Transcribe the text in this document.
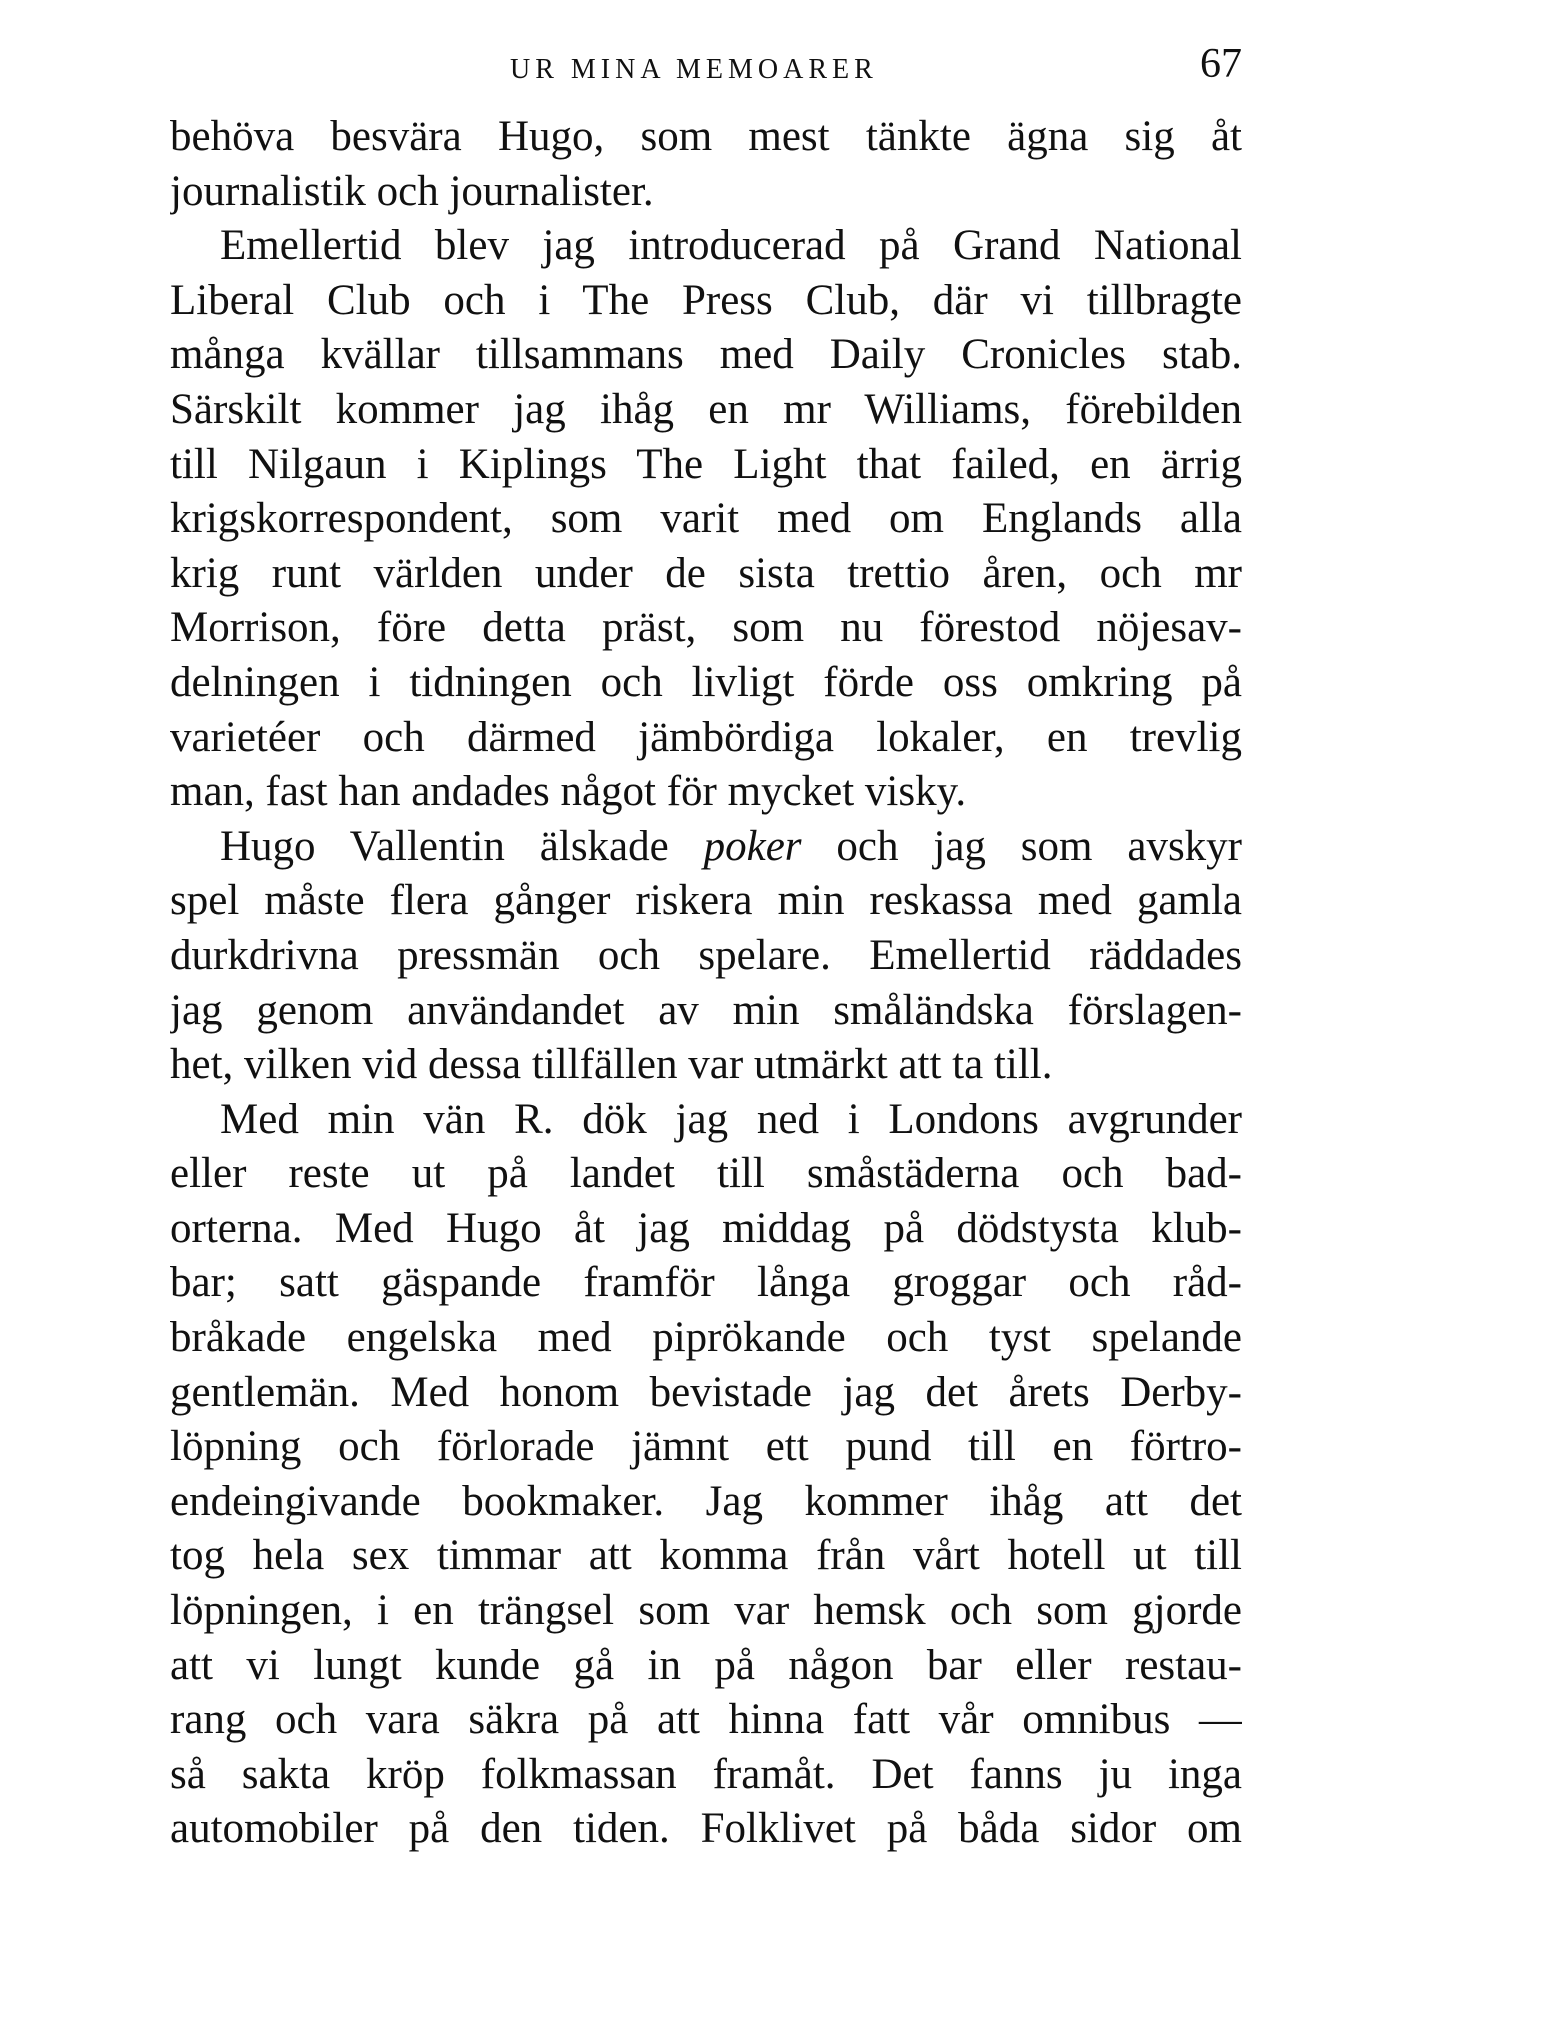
UR MINA MEMOARER	67
behöva besvära Hugo, som mest tänkte ägna sig åt
journalistik och journalister.
Emellertid blev jag introducerad på Grand National
Liberal Club och i The Press Club, där vi tillbragte
många kvällar tillsammans med Daily Cronicles stab.
Särskilt kommer jag ihåg en mr Williams, förebilden
till Nilgaun i Kiplings The Light that failed, en ärrig
krigskorrespondent, som varit med om Englands alla
krig runt världen under de sista trettio åren, och mr
Morrison, före detta präst, som nu förestod nöjesav-
delningen i tidningen och livligt förde oss omkring på
varietéer och därmed jämbördiga lokaler, en trevlig
man, fast han andades något för mycket visky.
Hugo Vallentin älskade poker och jag som avskyr
spel måste flera gånger riskera min reskassa med gamla
durkdrivna pressmän och spelare. Emellertid räddades
jag genom användandet av min småländska förslagen-
het, vilken vid dessa tillfällen var utmärkt att ta till.
Med min vän R. dök jag ned i Londons avgrunder
eller reste ut på landet till småstäderna och bad-
orterna. Med Hugo åt jag middag på dödstysta klub-
bar; satt gäspande framför långa groggar och råd-
bråkade engelska med piprökande och tyst spelande
gentlemän. Med honom bevistade jag det årets Derby-
löpning och förlorade jämnt ett pund till en förtro-
endeingivande bookmaker. Jag kommer ihåg att det
tog hela sex timmar att komma från vårt hotell ut till
löpningen, i en trängsel som var hemsk och som gjorde
att vi lungt kunde gå in på någon bar eller restau-
rang och vara säkra på att hinna fatt vår omnibus —
så sakta kröp folkmassan framåt. Det fanns ju inga
automobiler på den tiden. Folklivet på båda sidor om
